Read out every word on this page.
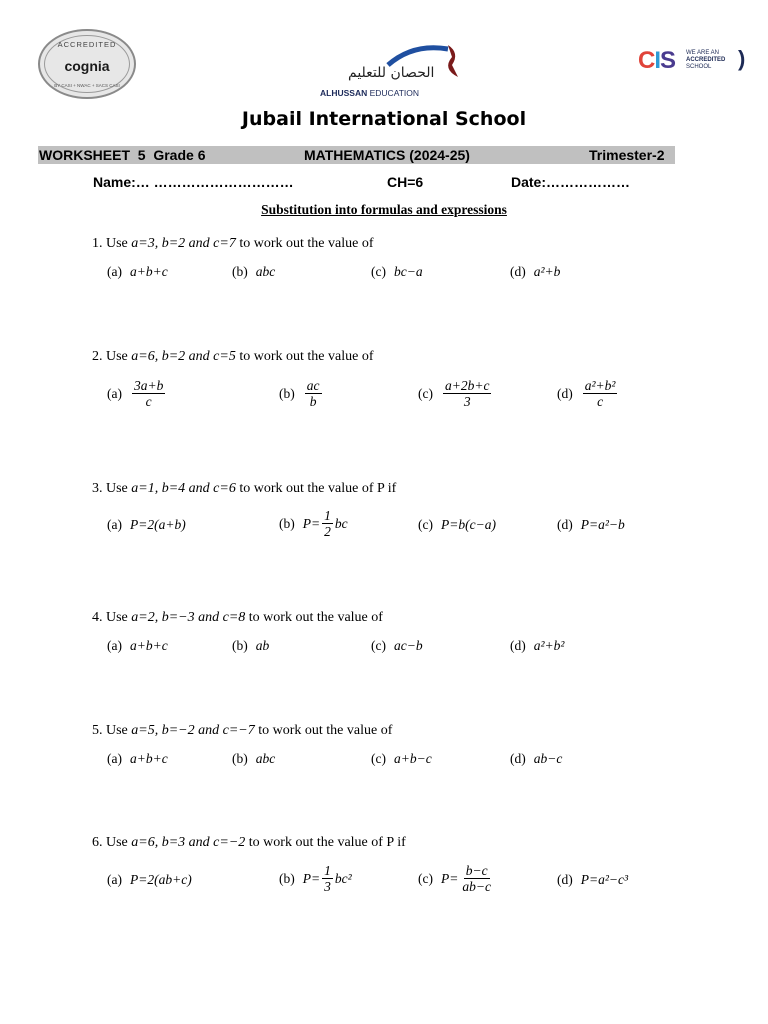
ACCREDITED
cognia
BY CASI + NWAC + SACS CASI
الحصان للتعليم
ALHUSSAN EDUCATION
CIS WE ARE AN
ACCREDITED
SCHOOL	)
Jubail International School
WORKSHEET  5  Grade 6	MATHEMATICS (2024-25)	Trimester-2
Name:… …………………………	CH=6	Date:………………
Substitution into formulas and expressions
1. Use a=3, b=2 and c=7 to work out the value of
(a) a+b+c	(b) abc	(c) bc−a	(d) a²+b
2. Use a=6, b=2 and c=5 to work out the value of
$(a) \frac{3a+b}{c}$	$(b) \frac{ac}{b}$	$(c) \frac{a+2b+c}{3}$	$(d) \frac{\text{a²+b²}}{c}$
3. Use a=1, b=4 and c=6 to work out the value of P if
(a) P=2(a+b)	(b) $P= \frac{1}{2}$ bc	(c) P=b(c−a)	(d) P=a²−b
4. Use a=2, b=−3 and c=8 to work out the value of
(a) a+b+c	(b) ab	(c) ac−b	(d) a²+b²
5. Use a=5, b=−2 and c=−7 to work out the value of
(a) a+b+c	(b) abc	(c) a+b−c	(d) ab−c
6. Use a=6, b=3 and c=−2 to work out the value of P if
(a) P=2(ab+c)	(b) $P= \frac{1}{3} bc^2$	(c) $P= \frac{b-c}{ab-c}$	(d) P=a²−c³
